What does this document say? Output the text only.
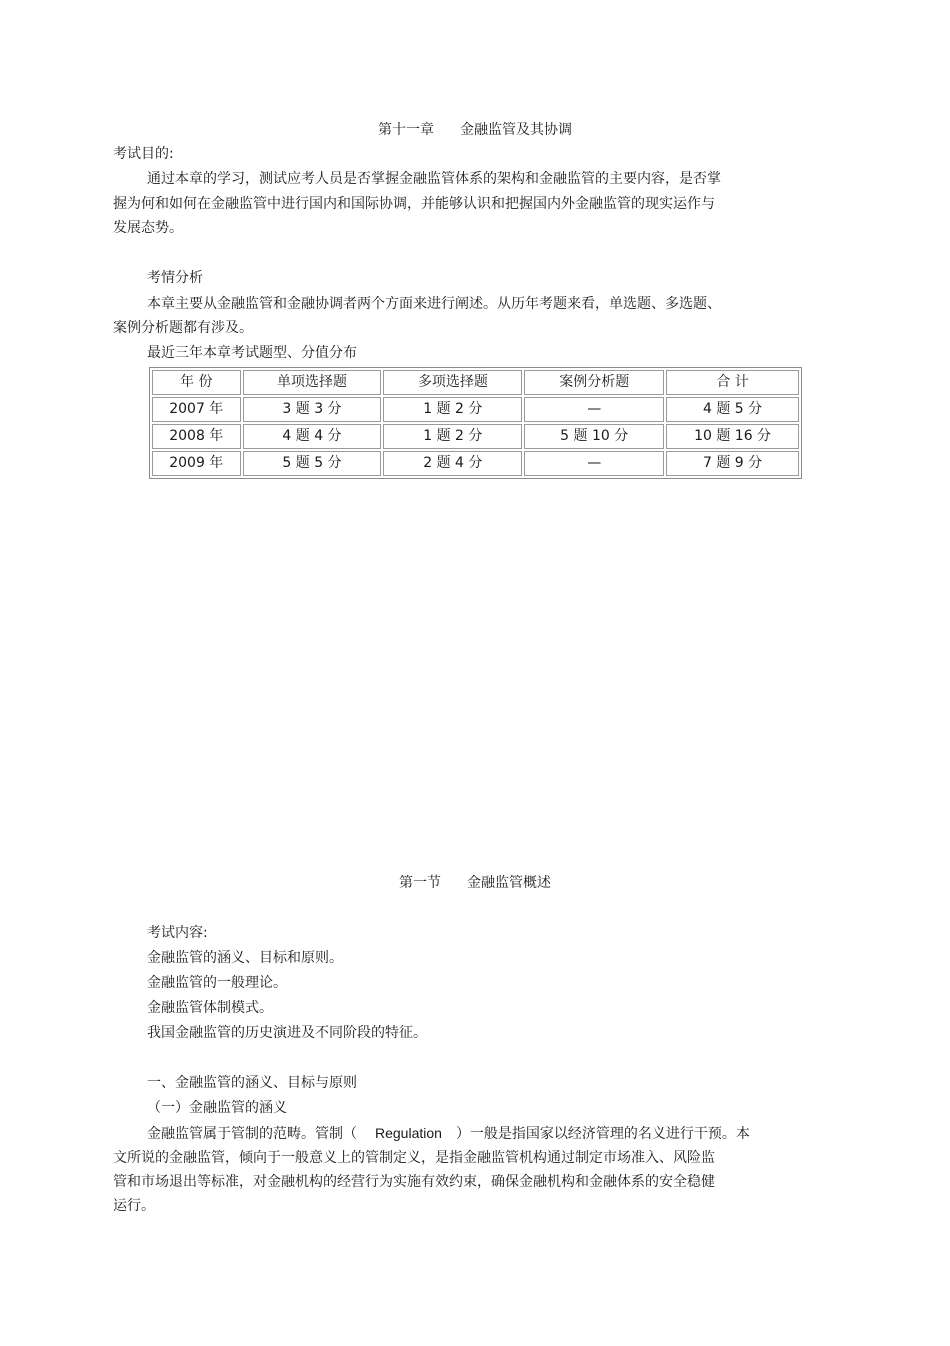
第十一章 金融监管及其协调
考试目的:
通过本章的学习，测试应考人员是否掌握金融监管体系的架构和金融监管的主要内容，是否掌
握为何和如何在金融监管中进行国内和国际协调，并能够认识和把握国内外金融监管的现实运作与
发展态势。
考情分析
本章主要从金融监管和金融协调者两个方面来进行阐述。从历年考题来看，单选题、多选题、
案例分析题都有涉及。
最近三年本章考试题型、分值分布
年 份	单项选择题	多项选择题	案例分析题	合 计
2007 年	3 题 3 分	1 题 2 分	—	4 题 5 分
2008 年	4 题 4 分	1 题 2 分	5 题 10 分	10 题 16 分
2009 年	5 题 5 分	2 题 4 分	—	7 题 9 分
第一节 金融监管概述
考试内容:
金融监管的涵义、目标和原则。
金融监管的一般理论。
金融监管体制模式。
我国金融监管的历史演进及不同阶段的特征。
一、金融监管的涵义、目标与原则
（一）金融监管的涵义
金融监管属于管制的范畴。管制（ Regulation ）一般是指国家以经济管理的名义进行干预。本
文所说的金融监管，倾向于一般意义上的管制定义，是指金融监管机构通过制定市场准入、风险监
管和市场退出等标准，对金融机构的经营行为实施有效约束，确保金融机构和金融体系的安全稳健
运行。
